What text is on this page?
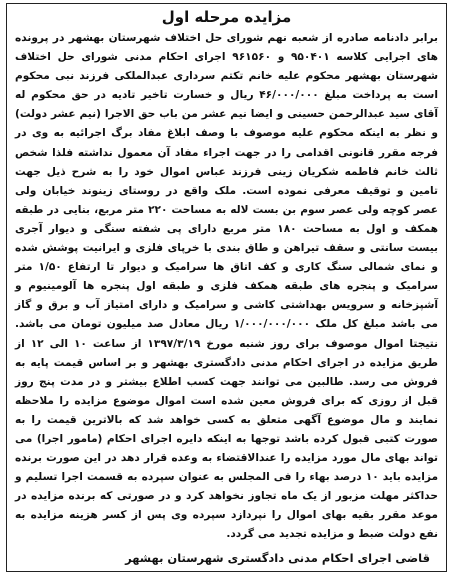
مزایده مرحله اول

برابر دادنامه صادره از شعبه نهم شورای حل اختلاف شهرستان بهشهر در پرونده های اجرایی کلاسه ۹۵۰۴۰۱ و ۹۶۱۵۶۰ اجرای احکام مدنی شورای حل اختلاف شهرستان بهشهر محکوم علیه خانم تکتم سرداری عبدالملکی فرزند نبی محکوم است به پرداخت مبلغ ۴۶/۰۰۰/۰۰۰ ریال و خسارت تاخیر تادیه در حق محکوم له آقای سید عبدالرحمن حسینی و ایضا نیم عشر من باب حق الاجرا (نیم عشر دولت) و نظر به اینکه محکوم علیه موصوف با وصف ابلاغ مفاد برگ اجرائیه به وی در فرجه مقرر قانونی اقدامی را در جهت اجراء مفاد آن معمول نداشته فلذا شخص ثالث خانم فاطمه شکریان زینی فرزند عباس اموال خود را به شرح ذیل جهت تامین و توقیف معرفی نموده است. ملک واقع در روستای زینوند خیابان ولی عصر کوچه ولی عصر سوم بن بست لاله به مساحت ۲۲۰ متر مربع، بنایی در طبقه همکف و اول به مساحت ۱۸۰ متر مربع دارای پی شفته سنگی و دیوار آجری بیست سانتی و سقف تیراهن و طاق بندی با خرپای فلزی و ایرانیت پوشش شده و نمای شمالی سنگ کاری و کف اتاق ها سرامیک و دیوار تا ارتفاع ۱/۵۰ متر سرامیک و پنجره های طبقه همکف فلزی و طبقه اول پنجره ها آلومینیوم و آشپزخانه و سرویس بهداشتی کاشی و سرامیک و دارای امتیاز آب و برق و گاز می باشد مبلغ کل ملک ۱/۰۰۰/۰۰۰/۰۰۰ ریال معادل صد میلیون تومان می باشد. نتیجتا اموال موصوف برای روز شنبه مورخ ۱۳۹۷/۳/۱۹ از ساعت ۱۰ الی ۱۲ از طریق مزایده در اجرای احکام مدنی دادگستری بهشهر و بر اساس قیمت پایه به فروش می رسد. طالبین می توانند جهت کسب اطلاع بیشتر و در مدت پنج روز قبل از روزی که برای فروش معین شده است اموال موضوع مزایده را ملاحظه نمایند و مال موضوع آگهی متعلق به کسی خواهد شد که بالاترین قیمت را به صورت کتبی قبول کرده باشد توجها به اینکه دایره اجرای احکام (مامور اجرا) می تواند بهای مال مورد مزایده را عندالاقتضاء به وعده قرار دهد در این صورت برنده مزایده باید ۱۰ درصد بهاء را فی المجلس به عنوان سپرده به قسمت اجرا تسلیم و حداکثر مهلت مزبور از یک ماه تجاوز نخواهد کرد و در صورتی که برنده مزایده در موعد مقرر بقیه بهای اموال را نپردازد سپرده وی پس از کسر هزینه مزایده به نفع دولت ضبط و مزایده تجدید می گردد.

قاضی اجرای احکام مدنی دادگستری شهرستان بهشهر
